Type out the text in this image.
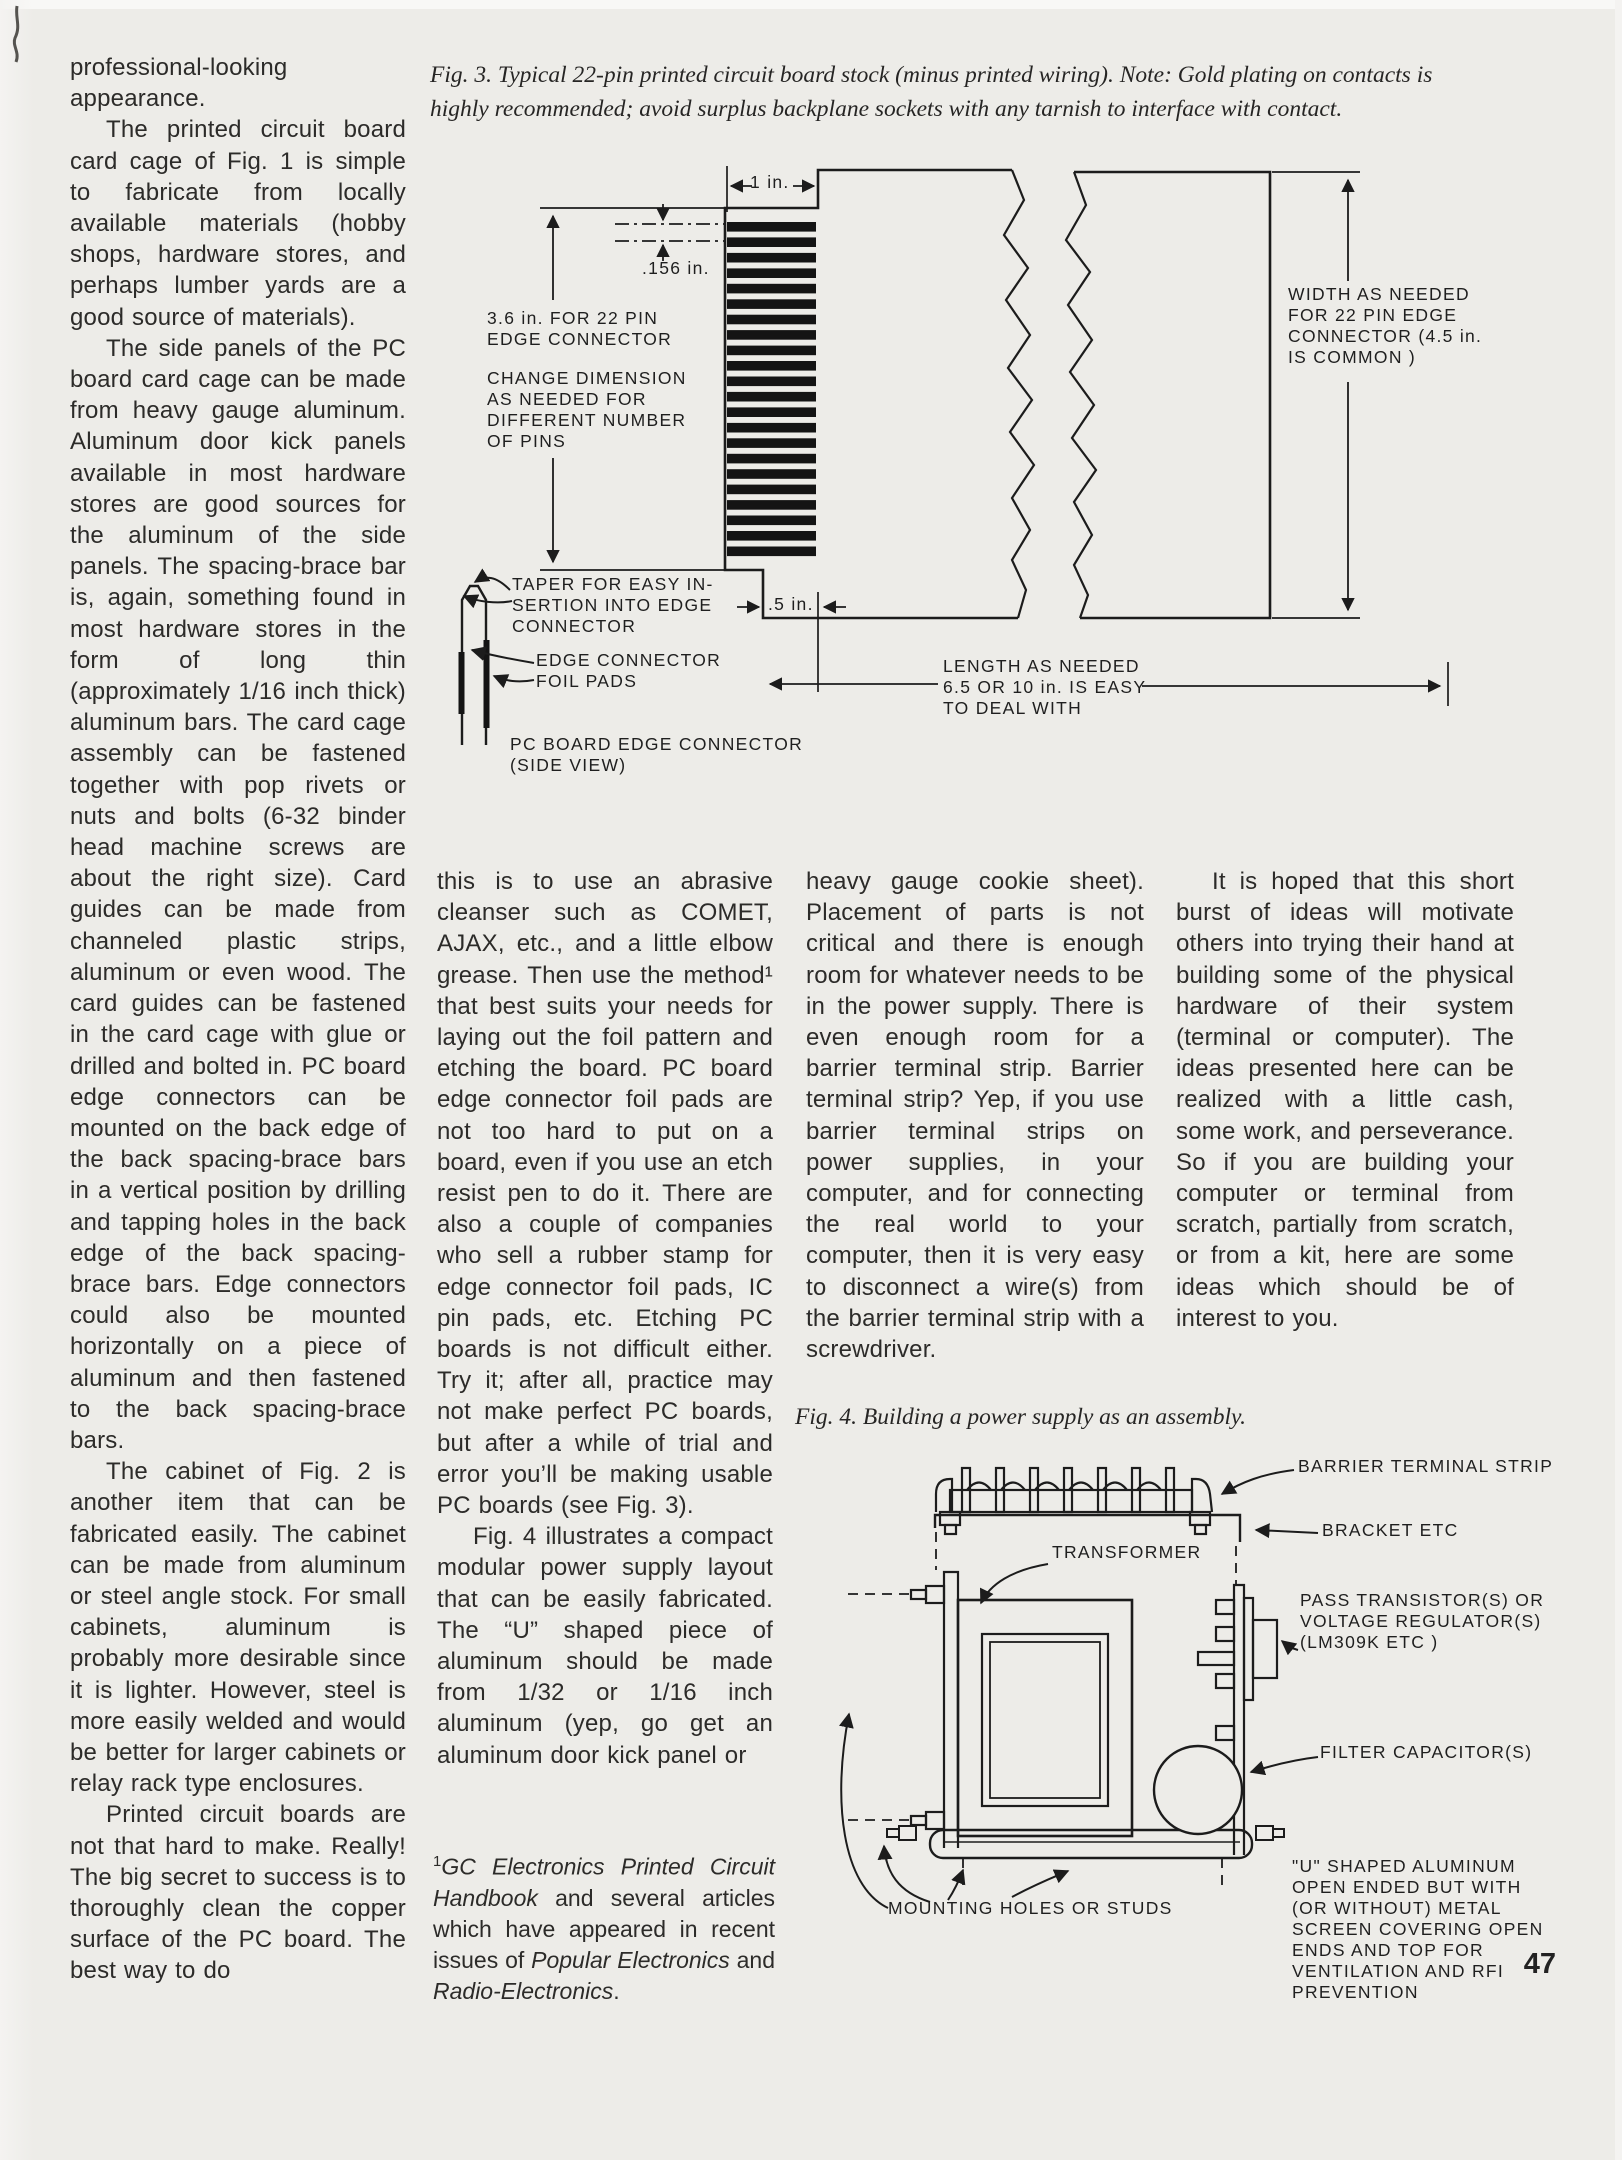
professional-looking appearance.

The printed circuit board card cage of Fig. 1 is simple to fabricate from locally available materials (hobby shops, hardware stores, and perhaps lumber yards are a good source of materials).

The side panels of the PC board card cage can be made from heavy gauge aluminum. Aluminum door kick panels available in most hardware stores are good sources for the aluminum of the side panels. The spacing-brace bar is, again, something found in most hardware stores in the form of long thin (approximately 1/16 inch thick) aluminum bars. The card cage assembly can be fastened together with pop rivets or nuts and bolts (6-32 binder head machine screws are about the right size). Card guides can be made from channeled plastic strips, aluminum or even wood. The card guides can be fastened in the card cage with glue or drilled and bolted in. PC board edge connectors can be mounted on the back edge of the back spacing-brace bars in a vertical position by drilling and tapping holes in the back edge of the back spacing-brace bars. Edge connectors could also be mounted horizontally on a piece of aluminum and then fastened to the back spacing-brace bars.

The cabinet of Fig. 2 is another item that can be fabricated easily. The cabinet can be made from aluminum or steel angle stock. For small cabinets, aluminum is probably more desirable since it is lighter. However, steel is more easily welded and would be better for larger cabinets or relay rack type enclosures.

Printed circuit boards are not that hard to make. Really! The big secret to success is to thoroughly clean the copper surface of the PC board. The best way to do

this is to use an abrasive cleanser such as COMET, AJAX, etc., and a little elbow grease. Then use the method¹ that best suits your needs for laying out the foil pattern and etching the board. PC board edge connector foil pads are not too hard to put on a board, even if you use an etch resist pen to do it. There are also a couple of companies who sell a rubber stamp for edge connector foil pads, IC pin pads, etc. Etching PC boards is not difficult either. Try it; after all, practice may not make perfect PC boards, but after a while of trial and error you’ll be making usable PC boards (see Fig. 3).

Fig. 4 illustrates a compact modular power supply layout that can be easily fabricated. The “U” shaped piece of aluminum should be made from 1/32 or 1/16 inch aluminum (yep, go get an aluminum door kick panel or

heavy gauge cookie sheet). Placement of parts is not critical and there is enough room for whatever needs to be in the power supply. There is even enough room for a barrier terminal strip. Barrier terminal strip? Yep, if you use barrier terminal strips on power supplies, in your computer, and for connecting the real world to your computer, then it is very easy to disconnect a wire(s) from the barrier terminal strip with a screwdriver.

It is hoped that this short burst of ideas will motivate others into trying their hand at building some of the physical hardware of their system (terminal or computer). The ideas presented here can be realized with a little cash, some work, and perseverance. So if you are building your computer or terminal from scratch, partially from scratch, or from a kit, here are some ideas which should be of interest to you.

Fig. 3. Typical 22-pin printed circuit board stock (minus printed wiring). Note: Gold plating on contacts is
highly recommended; avoid surplus backplane sockets with any tarnish to interface with contact.
Fig. 4. Building a power supply as an assembly.
1 in.
.156 in.
3.6 in. FOR 22 PIN
EDGE CONNECTOR
CHANGE DIMENSION
AS NEEDED FOR
DIFFERENT NUMBER
OF PINS
TAPER FOR EASY IN-
SERTION INTO EDGE
CONNECTOR
EDGE CONNECTOR
FOIL PADS
PC BOARD EDGE CONNECTOR
(SIDE VIEW)
.5 in.
WIDTH AS NEEDED
FOR 22 PIN EDGE
CONNECTOR (4.5 in.
IS COMMON )
LENGTH AS NEEDED
6.5 OR 10 in. IS EASY
TO DEAL WITH
BARRIER TERMINAL STRIP
BRACKET ETC
TRANSFORMER
PASS TRANSISTOR(S) OR
VOLTAGE REGULATOR(S)
(LM309K ETC )
FILTER CAPACITOR(S)
MOUNTING HOLES OR STUDS
"U" SHAPED ALUMINUM
OPEN ENDED BUT WITH
(OR WITHOUT) METAL
SCREEN COVERING OPEN
ENDS AND TOP FOR
VENTILATION AND RFI
PREVENTION
$^1$GC Electronics Printed Circuit Handbook and several articles which have appeared in recent issues of Popular Electronics and Radio-Electronics.
47
